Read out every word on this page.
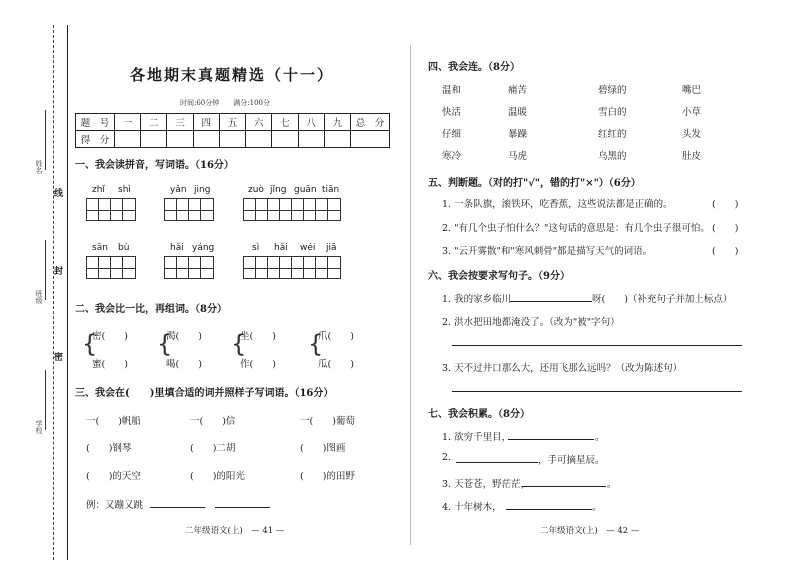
姓名
班级
学校
线
封
密
各地期末真题精选（十一）
时间:60分钟　　满分:100分
题　号	一	二	三	四	五	六	七	八	九	总　分
得　分										
一、我会读拼音，写词语。（16分）
zhǐ shì	yǎn jing	zuò jǐng guān tiān
sān bù	hǎi yáng	sì hǎi wéi jiā
二、我会比一比，再组词。（8分）
{
密(　　)
蜜(　　)
{
渴(　　)
喝(　　)
{
坐(　　)
作(　　)
{
爪(　　)
瓜(　　)
三、我会在(　　)里填合适的词并照样子写词语。（16分）
一(　　)帆船	一(　　)信	一(　　)葡萄
(　　)钢琴	(　　)二胡	(　　)图画
(　　)的天空	(　　)的阳光	(　　)的田野
例：又蹦又跳
二年级语文(上)　— 41 —
四、我会连。（8分）
温和	痛苦	碧绿的	嘴巴
快活	温暖	雪白的	小草
仔细	暴躁	红红的	头发
寒冷	马虎	乌黑的	肚皮
五、判断题。（对的打"√"，错的打"×"）（6分）
1. 一条队旗，滚铁环，吃香蕉，这些说法都是正确的。	(　　)
2. "有几个虫子怕什么？"这句话的意思是：有几个虫子很可怕。 (　　)
3. "云开雾散"和"寒风刺骨"都是描写天气的词语。	(　　)
六、我会按要求写句子。（9分）
1. 我的家乡临川	呀(　　)（补充句子并加上标点）
2. 洪水把田地都淹没了。（改为"被"字句）
3. 天不过井口那么大，还用飞那么远吗？（改为陈述句）
七、我会积累。（8分）
1. 欲穷千里目，	。
2.	，手可摘星辰。
3. 天苍苍，野茫茫，	。
4. 十年树木，	。
二年级语文(上)　— 42 —
